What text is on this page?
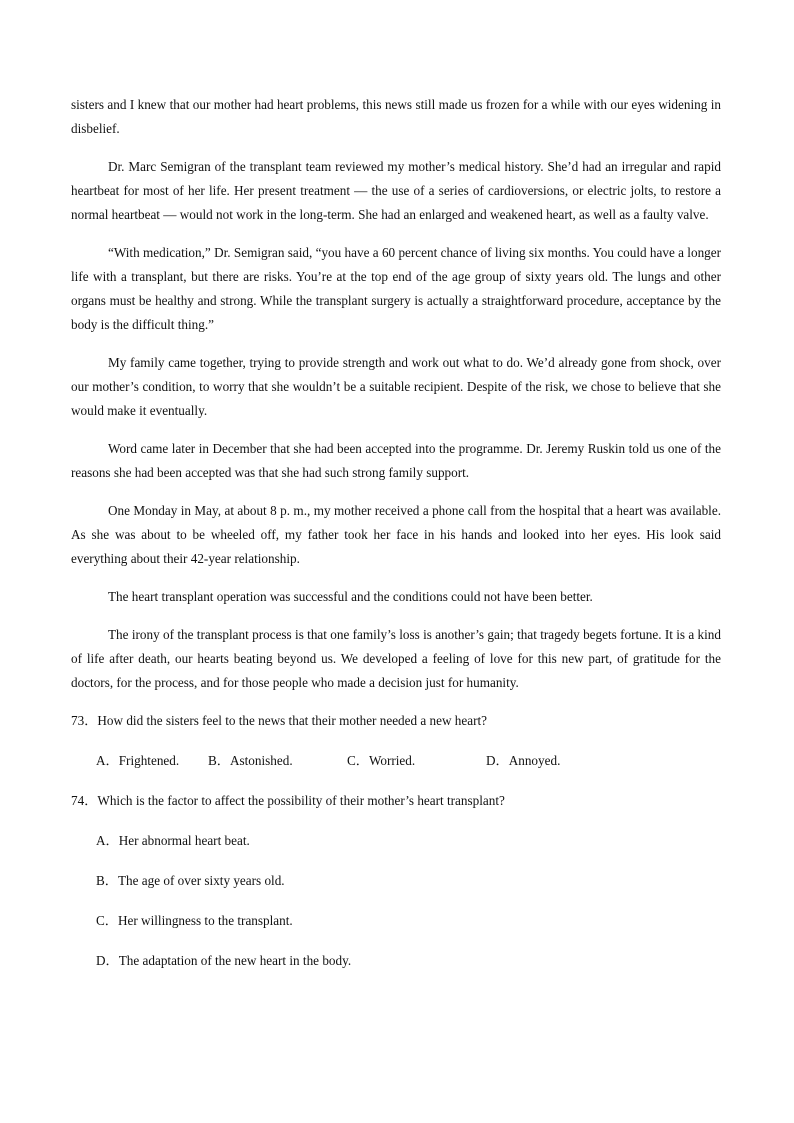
sisters and I knew that our mother had heart problems, this news still made us frozen for a while with our eyes widening in disbelief.

Dr. Marc Semigran of the transplant team reviewed my mother’s medical history. She’d had an irregular and rapid heartbeat for most of her life. Her present treatment — the use of a series of cardioversions, or electric jolts, to restore a normal heartbeat — would not work in the long-term. She had an enlarged and weakened heart, as well as a faulty valve.

“With medication,” Dr. Semigran said, “you have a 60 percent chance of living six months. You could have a longer life with a transplant, but there are risks. You’re at the top end of the age group of sixty years old. The lungs and other organs must be healthy and strong. While the transplant surgery is actually a straightforward procedure, acceptance by the body is the difficult thing.”

My family came together, trying to provide strength and work out what to do. We’d already gone from shock, over our mother’s condition, to worry that she wouldn’t be a suitable recipient. Despite of the risk, we chose to believe that she would make it eventually.

Word came later in December that she had been accepted into the programme. Dr. Jeremy Ruskin told us one of the reasons she had been accepted was that she had such strong family support.

One Monday in May, at about 8 p. m., my mother received a phone call from the hospital that a heart was available. As she was about to be wheeled off, my father took her face in his hands and looked into her eyes. His look said everything about their 42-year relationship.

The heart transplant operation was successful and the conditions could not have been better.

The irony of the transplant process is that one family’s loss is another’s gain; that tragedy begets fortune. It is a kind of life after death, our hearts beating beyond us. We developed a feeling of love for this new part, of gratitude for the doctors, for the process, and for those people who made a decision just for humanity.

73．How did the sisters feel to the news that their mother needed a new heart?
A．Frightened.	B．Astonished.	C．Worried.	D．Annoyed.
74．Which is the factor to affect the possibility of their mother’s heart transplant?
A．Her abnormal heart beat.
B．The age of over sixty years old.
C．Her willingness to the transplant.
D．The adaptation of the new heart in the body.
